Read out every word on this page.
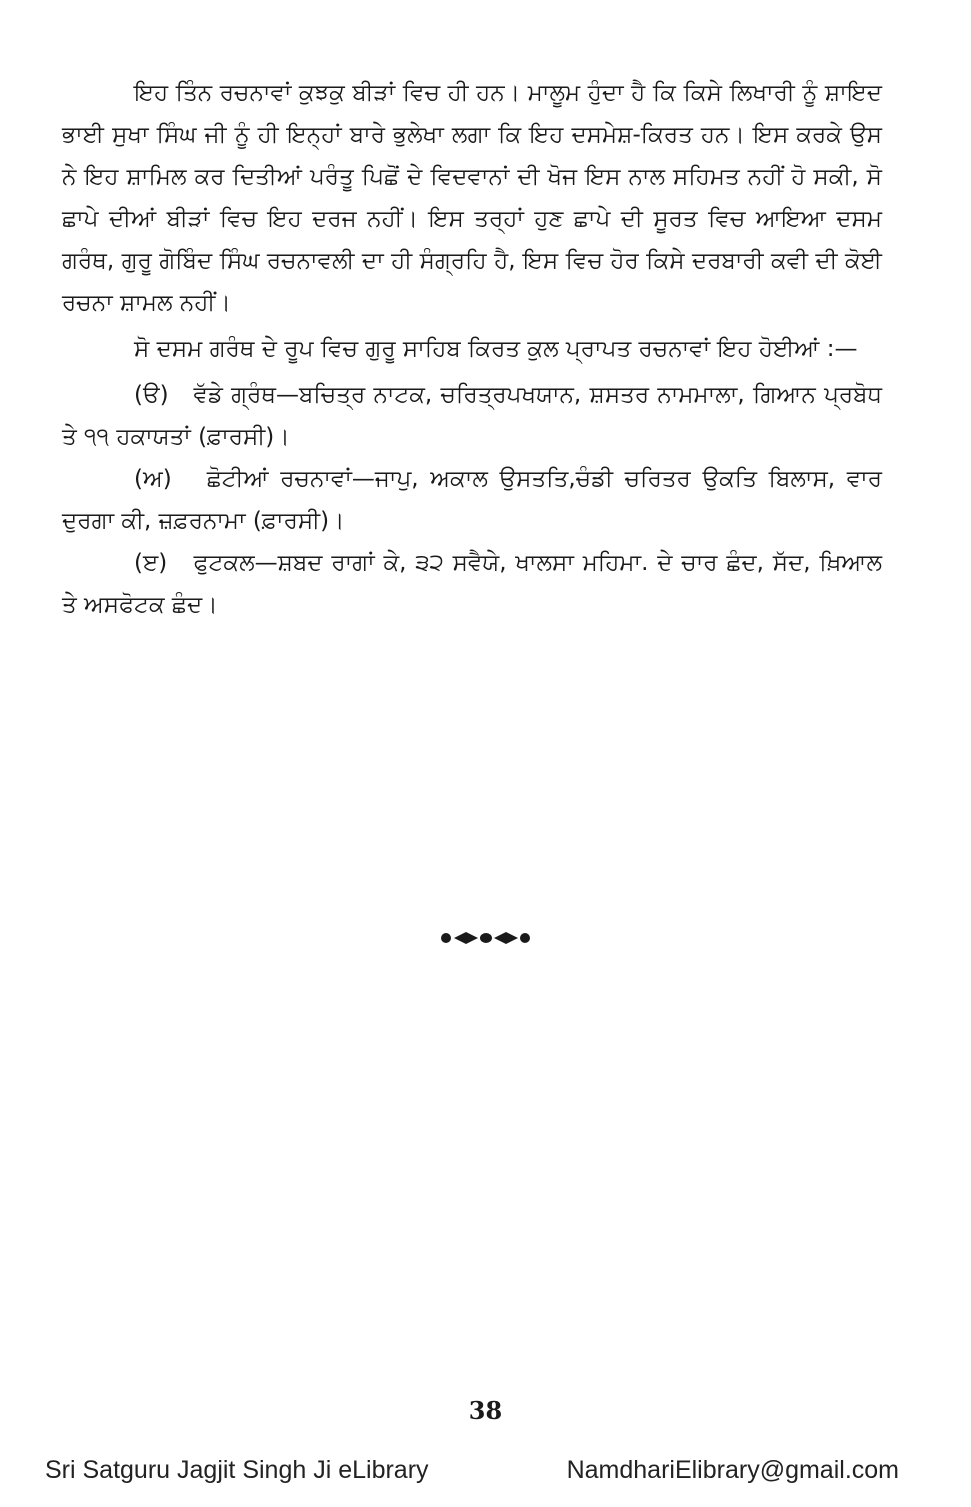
ਇਹ ਤਿੰਨ ਰਚਨਾਵਾਂ ਕੁਝਕੁ ਬੀੜਾਂ ਵਿਚ ਹੀ ਹਨ। ਮਾਲੂਮ ਹੁੰਦਾ ਹੈ ਕਿ ਕਿਸੇ ਲਿਖਾਰੀ ਨੂੰ ਸ਼ਾਇਦ ਭਾਈ ਸੁਖਾ ਸਿੰਘ ਜੀ ਨੂੰ ਹੀ ਇਨ੍ਹਾਂ ਬਾਰੇ ਭੁਲੇਖਾ ਲਗਾ ਕਿ ਇਹ ਦਸਮੇਸ਼-ਕਿਰਤ ਹਨ। ਇਸ ਕਰਕੇ ਉਸ ਨੇ ਇਹ ਸ਼ਾਮਿਲ ਕਰ ਦਿਤੀਆਂ ਪਰੰਤੂ ਪਿਛੋਂ ਦੇ ਵਿਦਵਾਨਾਂ ਦੀ ਖੋਜ ਇਸ ਨਾਲ ਸਹਿਮਤ ਨਹੀਂ ਹੋ ਸਕੀ, ਸੋ ਛਾਪੇ ਦੀਆਂ ਬੀੜਾਂ ਵਿਚ ਇਹ ਦਰਜ ਨਹੀਂ। ਇਸ ਤਰ੍ਹਾਂ ਹੁਣ ਛਾਪੇ ਦੀ ਸੂਰਤ ਵਿਚ ਆਇਆ ਦਸਮ ਗਰੰਥ, ਗੁਰੂ ਗੋਬਿੰਦ ਸਿੰਘ ਰਚਨਾਵਲੀ ਦਾ ਹੀ ਸੰਗ੍ਰਹਿ ਹੈ, ਇਸ ਵਿਚ ਹੋਰ ਕਿਸੇ ਦਰਬਾਰੀ ਕਵੀ ਦੀ ਕੋਈ ਰਚਨਾ ਸ਼ਾਮਲ ਨਹੀਂ।

ਸੋ ਦਸਮ ਗਰੰਥ ਦੇ ਰੂਪ ਵਿਚ ਗੁਰੂ ਸਾਹਿਬ ਕਿਰਤ ਕੁਲ ਪ੍ਰਾਪਤ ਰਚਨਾਵਾਂ ਇਹ ਹੋਈਆਂ :—

(ੳ) ਵੱਡੇ ਗ੍ਰੰਥ—ਬਚਿਤ੍ਰ ਨਾਟਕ, ਚਰਿਤ੍ਰਪਖਯਾਨ, ਸ਼ਸਤਰ ਨਾਮਮਾਲਾ, ਗਿਆਨ ਪ੍ਰਬੋਧ ਤੇ ੧੧ ਹਕਾਯਤਾਂ (ਫ਼ਾਰਸੀ)।

(ਅ) ਛੋਟੀਆਂ ਰਚਨਾਵਾਂ—ਜਾਪੁ, ਅਕਾਲ ਉਸਤਤਿ,ਚੰਡੀ ਚਰਿਤਰ ਉਕਤਿ ਬਿਲਾਸ, ਵਾਰ ਦੁਰਗਾ ਕੀ, ਜ਼ਫ਼ਰਨਾਮਾ (ਫ਼ਾਰਸੀ)।

(ੲ) ਫੁਟਕਲ—ਸ਼ਬਦ ਰਾਗਾਂ ਕੇ, ੩੨ ਸਵੈਯੇ, ਖਾਲਸਾ ਮਹਿਮਾ. ਦੇ ਚਾਰ ਛੰਦ, ਸੱਦ, ਖ਼ਿਆਲ ਤੇ ਅਸਫੋਟਕ ਛੰਦ।

38
Sri Satguru Jagjit Singh Ji eLibrary	NamdhariElibrary@gmail.com
